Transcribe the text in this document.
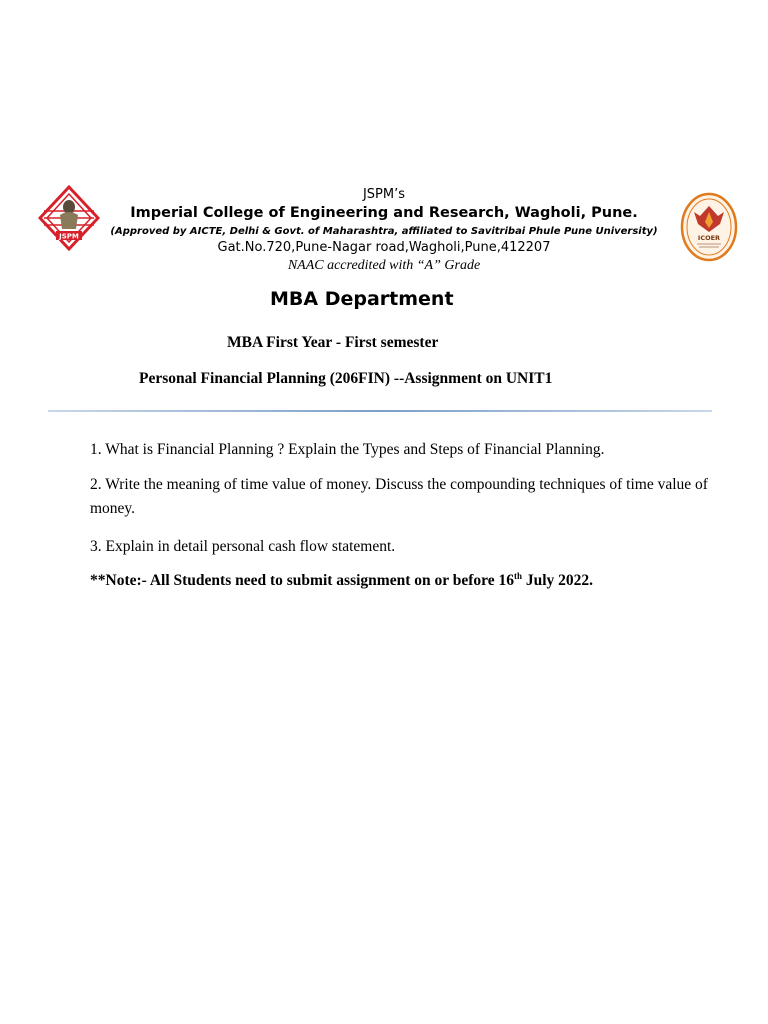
JSPM	ICOER
JSPM’s
Imperial College of Engineering and Research, Wagholi, Pune.
(Approved by AICTE, Delhi & Govt. of Maharashtra, affiliated to Savitribai Phule Pune University)
Gat.No.720,Pune-Nagar road,Wagholi,Pune,412207
NAAC accredited with “A” Grade
MBA Department
MBA First Year - First semester
Personal Financial Planning (206FIN) --Assignment on UNIT1
1. What is Financial Planning ? Explain the Types and Steps of Financial Planning.
2. Write the meaning of time value of money. Discuss the compounding techniques of time value of money.
3. Explain in detail personal cash flow statement.
**Note:- All Students need to submit assignment on or before 16th July 2022.
